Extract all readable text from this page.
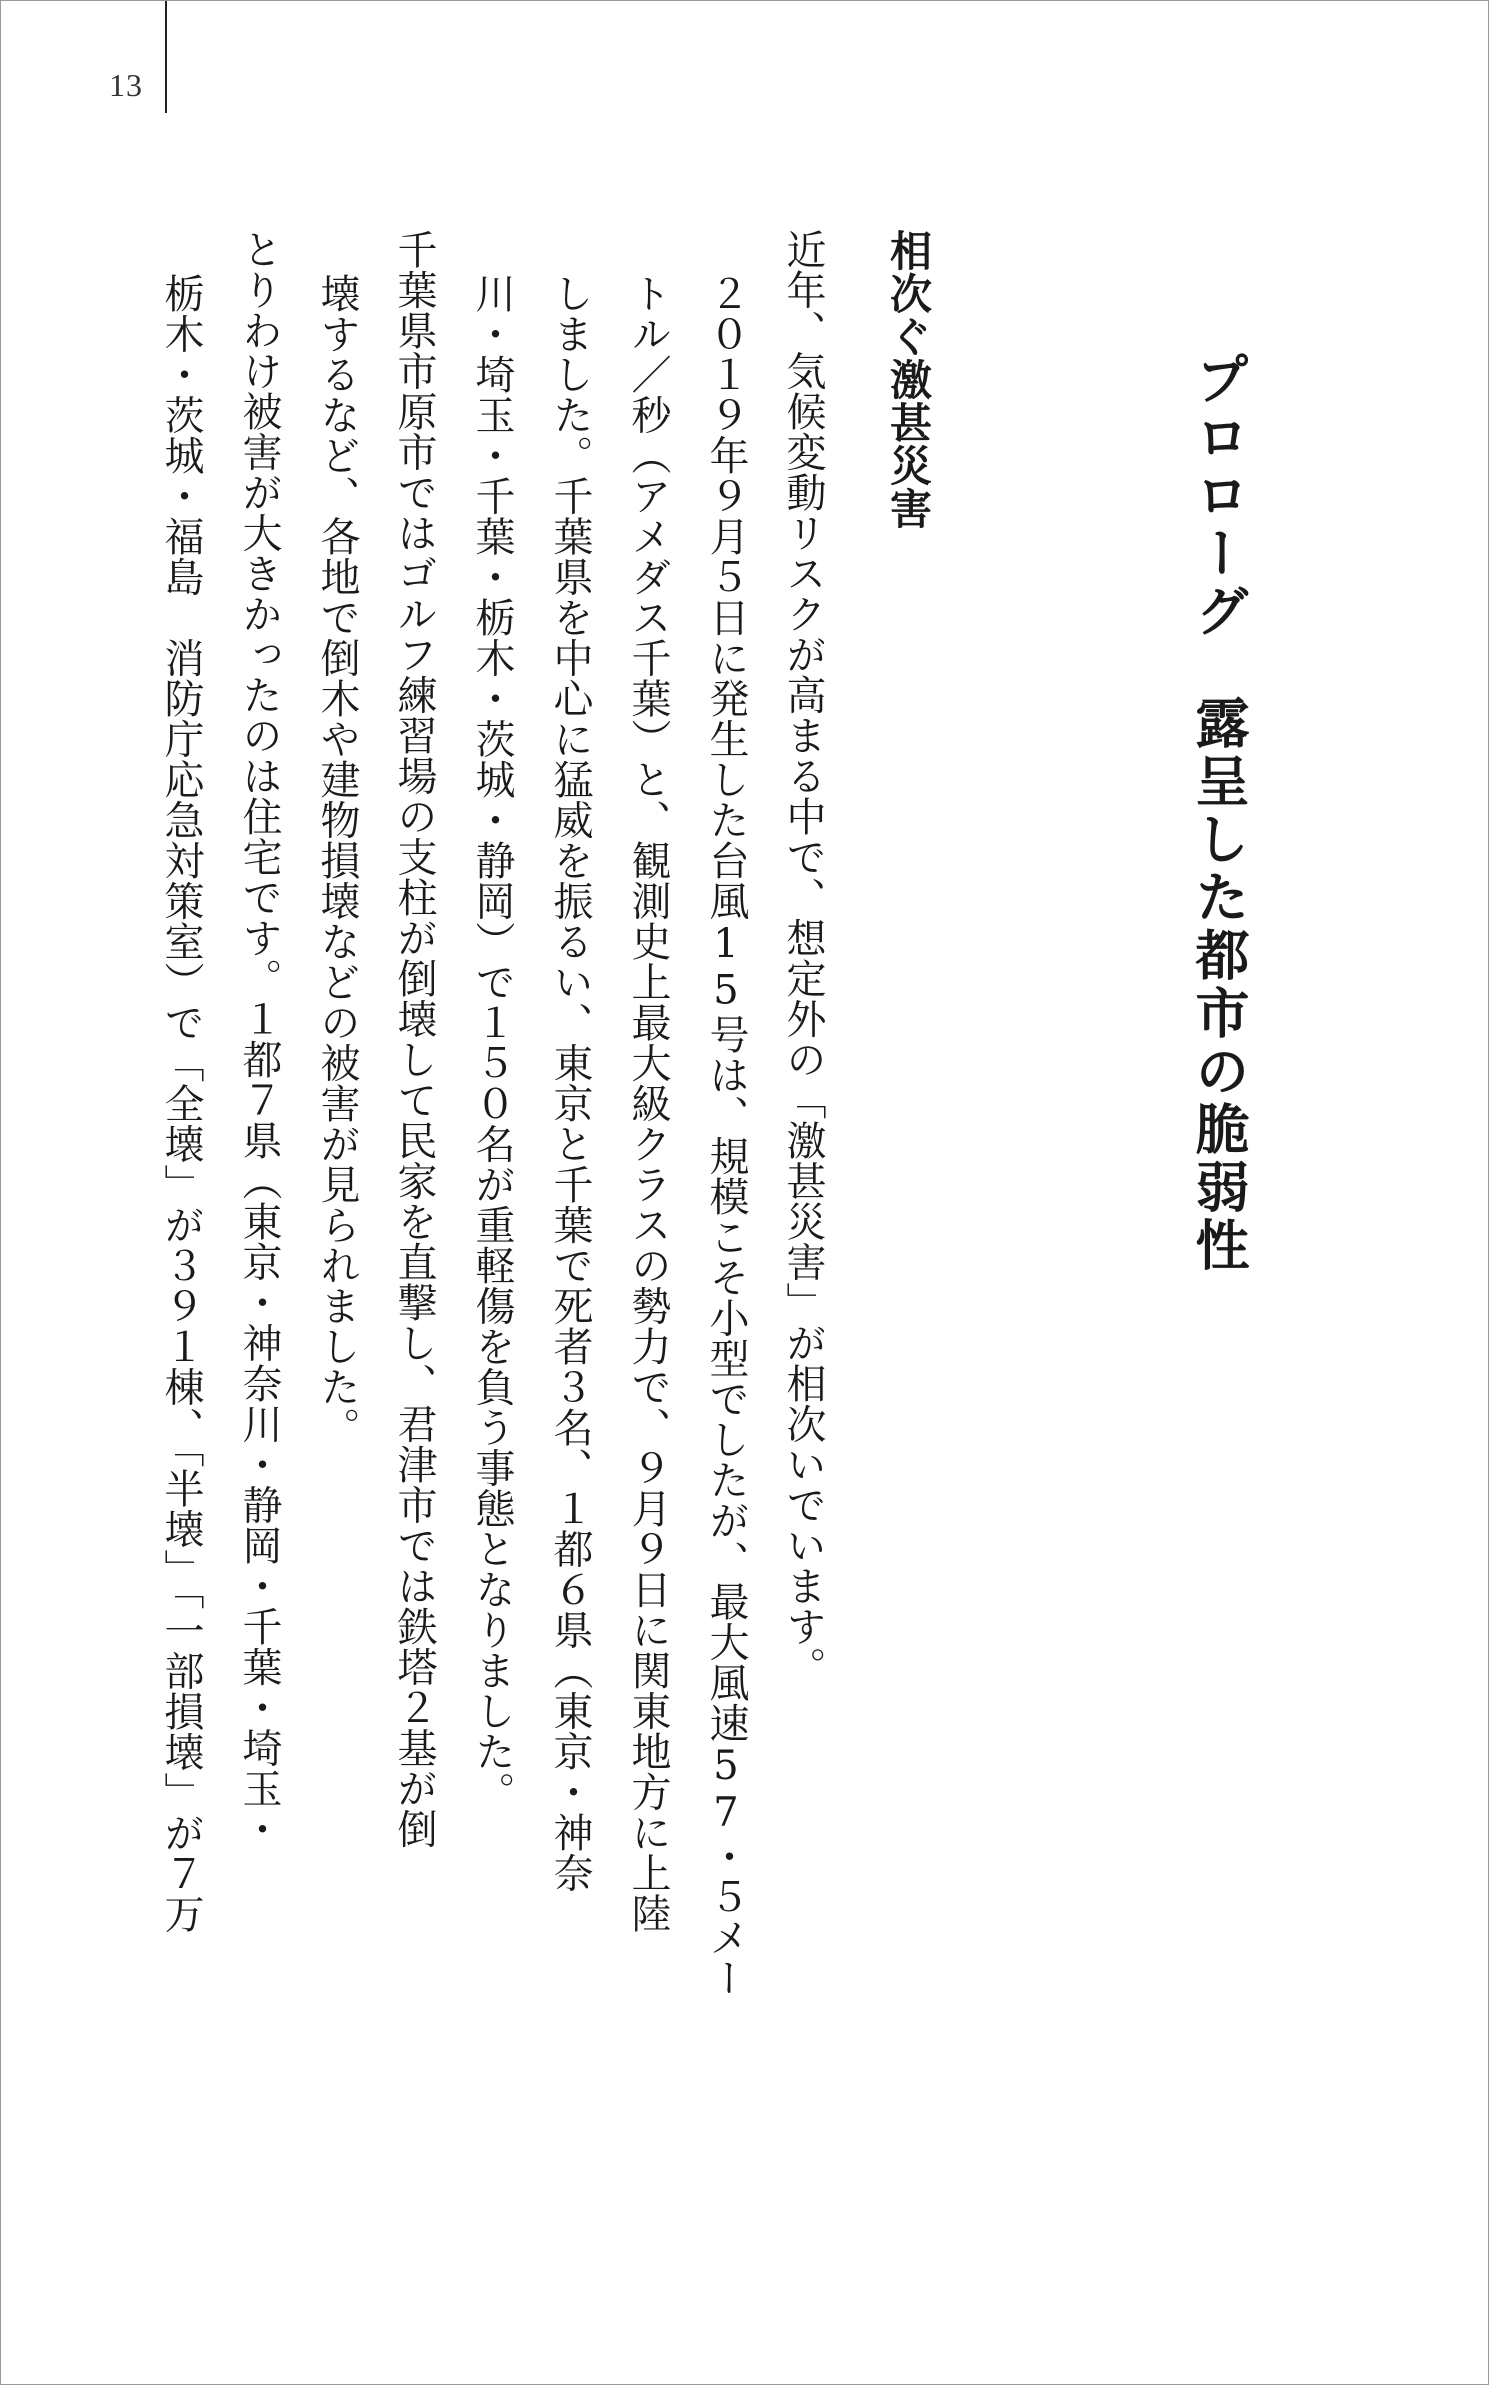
13
プロローグ露呈した都市の脆弱性
相次ぐ激甚災害
近年、気候変動リスクが高まる中で、想定外の「激甚災害」が相次いでいます。
２０１９年９月５日に発生した台風15号は、規模こそ小型でしたが、最大風速57・５メー
トル／秒（アメダス千葉）と、観測史上最大級クラスの勢力で、９月９日に関東地方に上陸
しました。千葉県を中心に猛威を振るい、東京と千葉で死者３名、１都６県（東京・神奈
川・埼玉・千葉・栃木・茨城・静岡）で１５０名が重軽傷を負う事態となりました。
千葉県市原市ではゴルフ練習場の支柱が倒壊して民家を直撃し、君津市では鉄塔２基が倒
壊するなど、各地で倒木や建物損壊などの被害が見られました。
とりわけ被害が大きかったのは住宅です。１都７県（東京・神奈川・静岡・千葉・埼玉・
栃木・茨城・福島　消防庁応急対策室）で「全壊」が３９１棟、「半壊」「一部損壊」が７万
